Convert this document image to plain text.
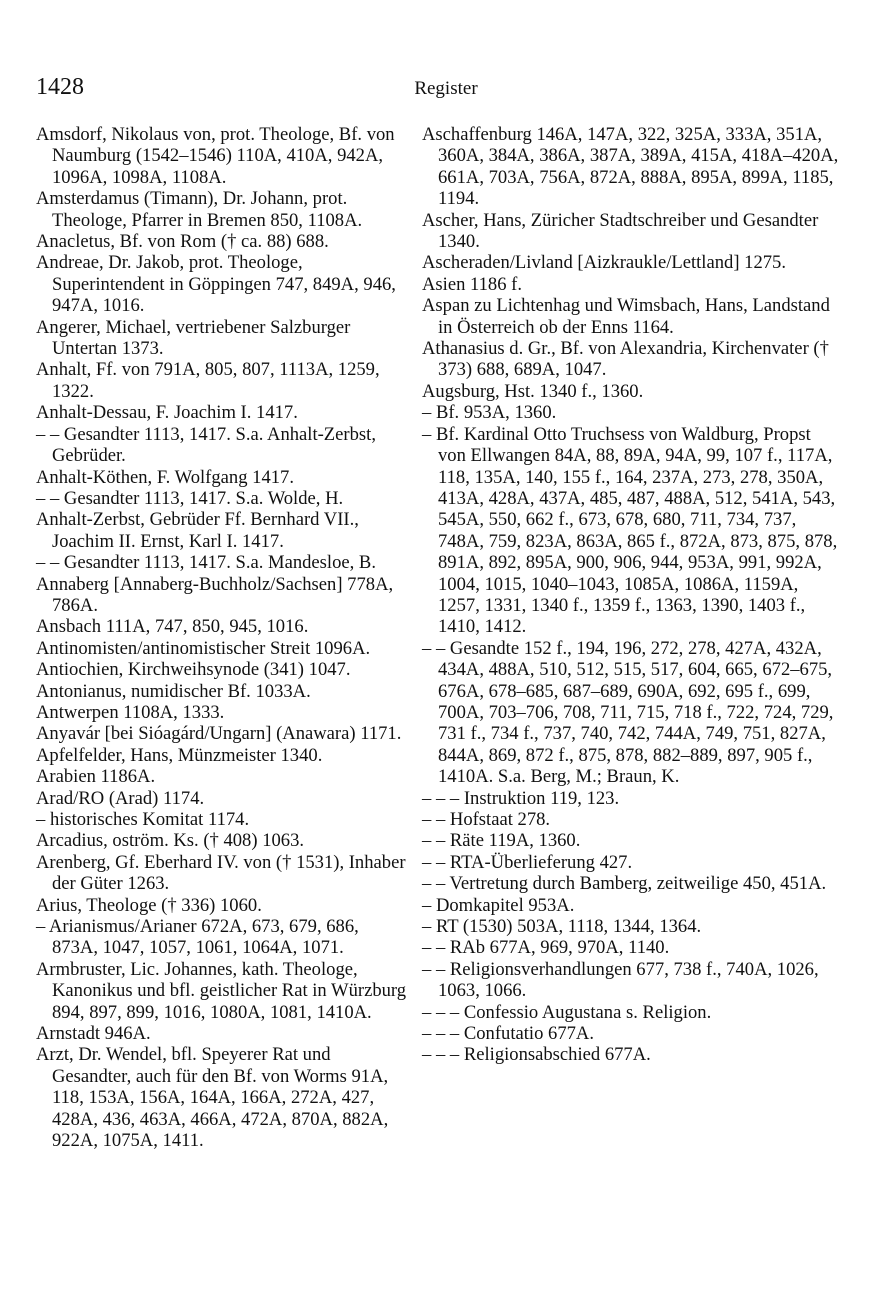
1428	Register

Amsdorf, Nikolaus von, prot. Theologe, Bf. von Naumburg (1542–1546) 110A, 410A, 942A, 1096A, 1098A, 1108A.

Amsterdamus (Timann), Dr. Johann, prot. Theologe, Pfarrer in Bremen 850, 1108A.

Anacletus, Bf. von Rom († ca. 88) 688.

Andreae, Dr. Jakob, prot. Theologe, Superintendent in Göppingen 747, 849A, 946, 947A, 1016.

Angerer, Michael, vertriebener Salzburger Untertan 1373.

Anhalt, Ff. von 791A, 805, 807, 1113A, 1259, 1322.

Anhalt-Dessau, F. Joachim I. 1417.

– – Gesandter 1113, 1417. S.a. Anhalt-Zerbst, Gebrüder.

Anhalt-Köthen, F. Wolfgang 1417.

– – Gesandter 1113, 1417. S.a. Wolde, H.

Anhalt-Zerbst, Gebrüder Ff. Bernhard VII., Joachim II. Ernst, Karl I. 1417.

– – Gesandter 1113, 1417. S.a. Mandesloe, B.

Annaberg [Annaberg-Buchholz/Sachsen] 778A, 786A.

Ansbach 111A, 747, 850, 945, 1016.

Antinomisten/antinomistischer Streit 1096A.

Antiochien, Kirchweihsynode (341) 1047.

Antonianus, numidischer Bf. 1033A.

Antwerpen 1108A, 1333.

Anyavár [bei Sióagárd/Ungarn] (Anawara) 1171.

Apfelfelder, Hans, Münzmeister 1340.

Arabien 1186A.

Arad/RO (Arad) 1174.

– historisches Komitat 1174.

Arcadius, oström. Ks. († 408) 1063.

Arenberg, Gf. Eberhard IV. von († 1531), Inhaber der Güter 1263.

Arius, Theologe († 336) 1060.

– Arianismus/Arianer 672A, 673, 679, 686, 873A, 1047, 1057, 1061, 1064A, 1071.

Armbruster, Lic. Johannes, kath. Theologe, Kanonikus und bfl. geistlicher Rat in Würzburg 894, 897, 899, 1016, 1080A, 1081, 1410A.

Arnstadt 946A.

Arzt, Dr. Wendel, bfl. Speyerer Rat und Gesandter, auch für den Bf. von Worms 91A, 118, 153A, 156A, 164A, 166A, 272A, 427, 428A, 436, 463A, 466A, 472A, 870A, 882A, 922A, 1075A, 1411.

Aschaffenburg 146A, 147A, 322, 325A, 333A, 351A, 360A, 384A, 386A, 387A, 389A, 415A, 418A–420A, 661A, 703A, 756A, 872A, 888A, 895A, 899A, 1185, 1194.

Ascher, Hans, Züricher Stadtschreiber und Gesandter 1340.

Ascheraden/Livland [Aizkraukle/Lettland] 1275.

Asien 1186 f.

Aspan zu Lichtenhag und Wimsbach, Hans, Landstand in Österreich ob der Enns 1164.

Athanasius d. Gr., Bf. von Alexandria, Kirchenvater († 373) 688, 689A, 1047.

Augsburg, Hst. 1340 f., 1360.

– Bf. 953A, 1360.

– Bf. Kardinal Otto Truchsess von Waldburg, Propst von Ellwangen 84A, 88, 89A, 94A, 99, 107 f., 117A, 118, 135A, 140, 155 f., 164, 237A, 273, 278, 350A, 413A, 428A, 437A, 485, 487, 488A, 512, 541A, 543, 545A, 550, 662 f., 673, 678, 680, 711, 734, 737, 748A, 759, 823A, 863A, 865 f., 872A, 873, 875, 878, 891A, 892, 895A, 900, 906, 944, 953A, 991, 992A, 1004, 1015, 1040–1043, 1085A, 1086A, 1159A, 1257, 1331, 1340 f., 1359 f., 1363, 1390, 1403 f., 1410, 1412.

– – Gesandte 152 f., 194, 196, 272, 278, 427A, 432A, 434A, 488A, 510, 512, 515, 517, 604, 665, 672–675, 676A, 678–685, 687–689, 690A, 692, 695 f., 699, 700A, 703–706, 708, 711, 715, 718 f., 722, 724, 729, 731 f., 734 f., 737, 740, 742, 744A, 749, 751, 827A, 844A, 869, 872 f., 875, 878, 882–889, 897, 905 f., 1410A. S.a. Berg, M.; Braun, K.

– – – Instruktion 119, 123.

– – Hofstaat 278.

– – Räte 119A, 1360.

– – RTA-Überlieferung 427.

– – Vertretung durch Bamberg, zeitweilige 450, 451A.

– Domkapitel 953A.

– RT (1530) 503A, 1118, 1344, 1364.

– – RAb 677A, 969, 970A, 1140.

– – Religionsverhandlungen 677, 738 f., 740A, 1026, 1063, 1066.

– – – Confessio Augustana s. Religion.

– – – Confutatio 677A.

– – – Religionsabschied 677A.
